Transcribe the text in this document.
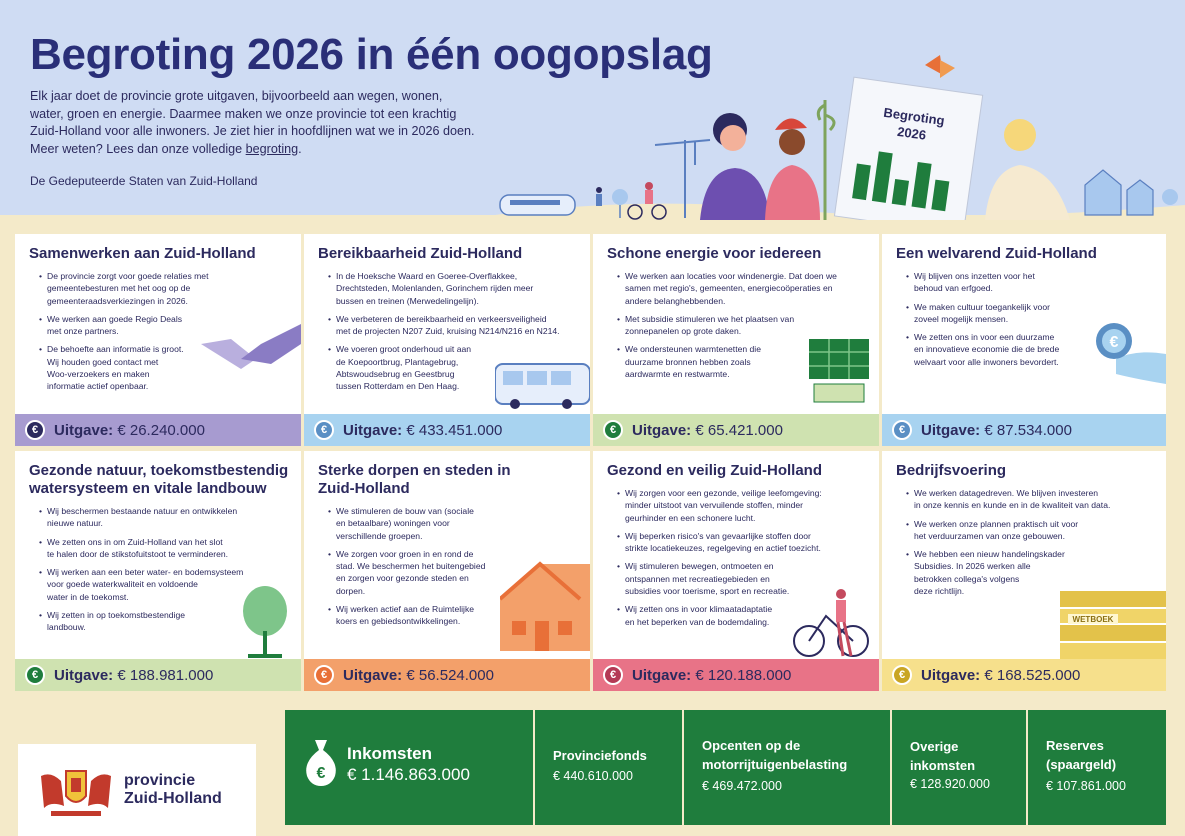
Begroting 2026 in één oogopslag

Elk jaar doet de provincie grote uitgaven, bijvoorbeeld aan wegen, wonen,
water, groen en energie. Daarmee maken we onze provincie tot een krachtig
Zuid-Holland voor alle inwoners. Je ziet hier in hoofdlijnen wat we in 2026 doen.
Meer weten? Lees dan onze volledige begroting.

De Gedeputeerde Staten van Zuid-Holland
Begroting
2026
Samenwerken aan Zuid-Holland
• De provincie zorgt voor goede relaties met
gemeentebesturen met het oog op de
gemeenteraadsverkiezingen in 2026.
• We werken aan goede Regio Deals
met onze partners.
• De behoefte aan informatie is groot.
Wij houden goed contact met
Woo-verzoekers en maken
informatie actief openbaar.
€	Uitgave: € 26.240.000
Bereikbaarheid Zuid-Holland
• In de Hoeksche Waard en Goeree-Overflakkee,
Drechtsteden, Molenlanden, Gorinchem rijden meer
bussen en treinen (Merwedelingelijn).
• We verbeteren de bereikbaarheid en verkeersveiligheid
met de projecten N207 Zuid, kruising N214/N216 en N214.
• We voeren groot onderhoud uit aan
de Koepoortbrug, Plantagebrug,
Abtswoudsebrug en Geestbrug
tussen Rotterdam en Den Haag.
€	Uitgave: € 433.451.000
Schone energie voor iedereen
• We werken aan locaties voor windenergie. Dat doen we
samen met regio's, gemeenten, energiecoöperaties en
andere belanghebbenden.
• Met subsidie stimuleren we het plaatsen van
zonnepanelen op grote daken.
• We ondersteunen warmtenetten die
duurzame bronnen hebben zoals
aardwarmte en restwarmte.
€	Uitgave: € 65.421.000
Een welvarend Zuid-Holland
• Wij blijven ons inzetten voor het
behoud van erfgoed.
• We maken cultuur toegankelijk voor
zoveel mogelijk mensen.
• We zetten ons in voor een duurzame
en innovatieve economie die de brede
welvaart voor alle inwoners bevordert.
€
€	Uitgave: € 87.534.000
Gezonde natuur, toekomstbestendig watersysteem en vitale landbouw
• Wij beschermen bestaande natuur en ontwikkelen
nieuwe natuur.
• We zetten ons in om Zuid-Holland van het slot
te halen door de stikstofuitstoot te verminderen.
• Wij werken aan een beter water- en bodemsysteem
voor goede waterkwaliteit en voldoende
water in de toekomst.
• Wij zetten in op toekomstbestendige
landbouw.
€	Uitgave: € 188.981.000
Sterke dorpen en steden in Zuid-Holland
• We stimuleren de bouw van (sociale
en betaalbare) woningen voor
verschillende groepen.
• We zorgen voor groen in en rond de
stad. We beschermen het buitengebied
en zorgen voor gezonde steden en
dorpen.
• Wij werken actief aan de Ruimtelijke
koers en gebiedsontwikkelingen.
€	Uitgave: € 56.524.000
Gezond en veilig Zuid-Holland
• Wij zorgen voor een gezonde, veilige leefomgeving:
minder uitstoot van vervuilende stoffen, minder
geurhinder en een schonere lucht.
• Wij beperken risico's van gevaarlijke stoffen door
strikte locatiekeuzes, regelgeving en actief toezicht.
• Wij stimuleren bewegen, ontmoeten en
ontspannen met recreatiegebieden en
subsidies voor toerisme, sport en recreatie.
• Wij zetten ons in voor klimaatadaptatie
en het beperken van de bodemdaling.
€	Uitgave: € 120.188.000
Bedrijfsvoering
• We werken datagedreven. We blijven investeren
in onze kennis en kunde en in de kwaliteit van data.
• We werken onze plannen praktisch uit voor
het verduurzamen van onze gebouwen.
• We hebben een nieuw handelingskader
Subsidies. In 2026 werken alle
betrokken collega's volgens
deze richtlijn.
WETBOEK
€	Uitgave: € 168.525.000
provincie
Zuid-Holland
€
Inkomsten
€ 1.146.863.000
Provinciefonds
€ 440.610.000
Opcenten op de
motorrijtuigenbelasting
€ 469.472.000
Overige
inkomsten
€ 128.920.000
Reserves
(spaargeld)
€ 107.861.000
